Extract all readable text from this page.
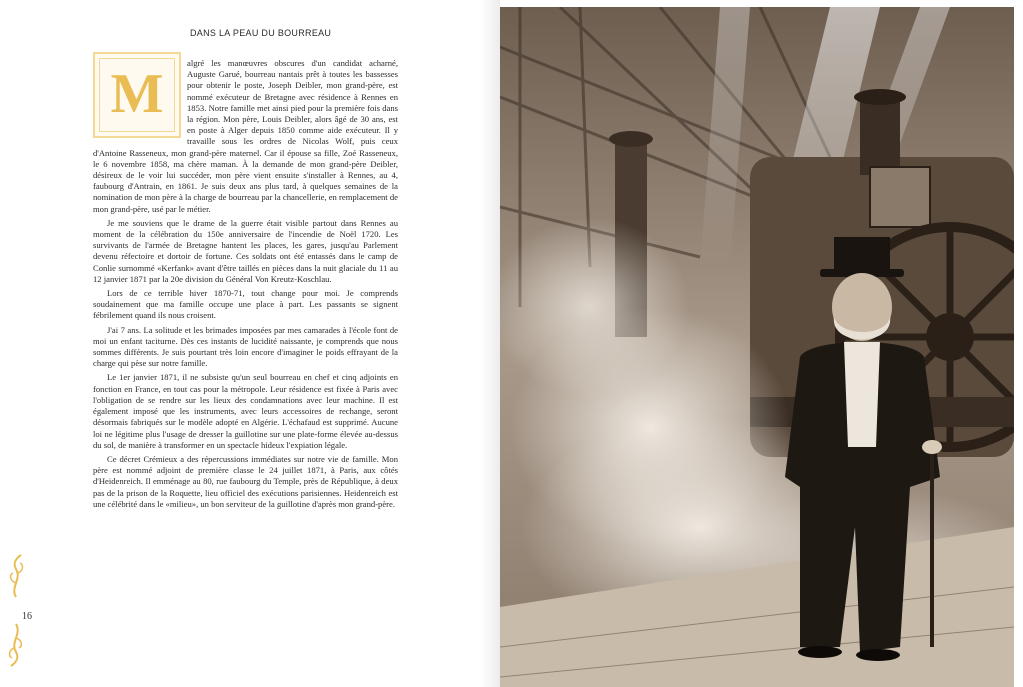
DANS LA PEAU DU BOURREAU
M	algré les manœuvres obscures d'un candidat acharné, Auguste Garué, bourreau nantais prêt à toutes les bassesses pour obtenir le poste, Joseph Deibler, mon grand-père, est nommé exécuteur de Bretagne avec résidence à Rennes en 1853. Notre famille met ainsi pied pour la première fois dans la région. Mon père, Louis Deibler, alors âgé de 30 ans, est en poste à Alger depuis 1850 comme aide exécuteur. Il y travaille sous les ordres de Nicolas Wolf, puis ceux d'Antoine Rasseneux, mon grand-père maternel. Car il épouse sa fille, Zoé Rasseneux, le 6 novembre 1858, ma chère maman. À la demande de mon grand-père Deibler, désireux de le voir lui succéder, mon père vient ensuite s'installer à Rennes, au 4, faubourg d'Antrain, en 1861. Je suis deux ans plus tard, à quelques semaines de la nomination de mon père à la charge de bourreau par la chancellerie, en remplacement de mon grand-père, usé par le métier.

Je me souviens que le drame de la guerre était visible partout dans Rennes au moment de la célébration du 150e anniversaire de l'incendie de Noël 1720. Les survivants de l'armée de Bretagne hantent les places, les gares, jusqu'au Parlement devenu réfectoire et dortoir de fortune. Ces soldats ont été entassés dans le camp de Conlie surnommé «Kerfank» avant d'être taillés en pièces dans la nuit glaciale du 11 au 12 janvier 1871 par la 20e division du Général Von Kreutz-Koschlau.

Lors de ce terrible hiver 1870-71, tout change pour moi. Je comprends soudainement que ma famille occupe une place à part. Les passants se signent fébrilement quand ils nous croisent.

J'ai 7 ans. La solitude et les brimades imposées par mes camarades à l'école font de moi un enfant taciturne. Dès ces instants de lucidité naissante, je comprends que nous sommes différents. Je suis pourtant très loin encore d'imaginer le poids effrayant de la charge qui pèse sur notre famille.

Le 1er janvier 1871, il ne subsiste qu'un seul bourreau en chef et cinq adjoints en fonction en France, en tout cas pour la métropole. Leur résidence est fixée à Paris avec l'obligation de se rendre sur les lieux des condamnations avec leur machine. Il est également imposé que les instruments, avec leurs accessoires de rechange, seront désormais fabriqués sur le modèle adopté en Algérie. L'échafaud est supprimé. Aucune loi ne légitime plus l'usage de dresser la guillotine sur une plate-forme élevée au-dessus du sol, de manière à transformer en un spectacle hideux l'expiation légale.

Ce décret Crémieux a des répercussions immédiates sur notre vie de famille. Mon père est nommé adjoint de première classe le 24 juillet 1871, à Paris, aux côtés d'Heidenreich. Il emménage au 80, rue faubourg du Temple, près de République, à deux pas de la prison de la Roquette, lieu officiel des exécutions parisiennes. Heidenreich est une célébrité dans le «milieu», un bon serviteur de la guillotine d'après mon grand-père.

16
